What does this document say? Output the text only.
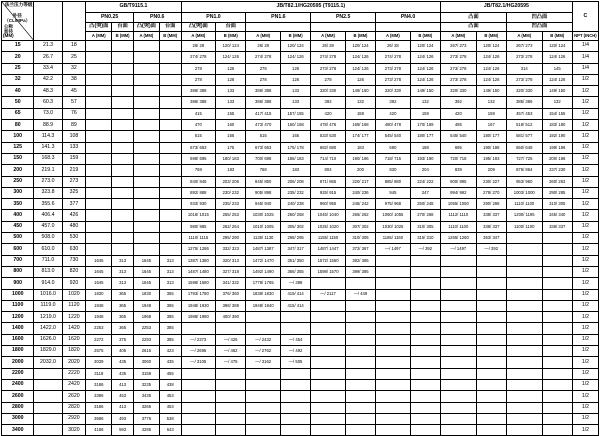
法兰压力等级
外径（CL/MPa）
公称
直径
(MM)			GB/T9115.1				JB/T82.1/HG20595 (T9115.1)								JB/T82.1/HG20595				C
			PN0.25		PN0.6		PN1.0		PN1.6		PN2.5		PN4.0		凸面		凹凸面		
			凸(突)面	台面	凸(突)面	台面	凸(突)面	台面							凸面		凹凸面		
			A (MM)	B (MM)	A (MM)	B (MM)	A (MM)	B (MM)	A (MM)	B (MM)	A (MM)	B (MM)	A (MM)	B (MM)	A (MM)	B (MM)	A (MM)	B (MM)	NPT (INCH)
15	21.3	18					26/ 28	120/ 124	26/ 28	120/ 124	26/ 28	120/ 124	26/ 28	120/ 124	267/ 273	120/ 124	267/ 273	120/ 124	1/4
20	26.7	25					274/ 278	124/ 126	274/ 278	124/ 126	274/ 278	124/ 126	274/ 278	124/ 126	273/ 278	124/ 126	273/ 278	124/ 126	1/4
25	33.4	32					278	126	278	126	273/ 278	124/ 126	273/ 278	124/ 126	273/ 278	124/ 126	314	145	1/4
32	42.2	38					278	126	278	126	278	126	273/ 278	124/ 126	273/ 278	124/ 126	273/ 278	124/ 126	1/2
40	48.3	45					386/ 388	133	386/ 388	133	320/ 330	149/ 150	320/ 330	149/ 150	320/ 330	149/ 150	320/ 330	149/ 150	1/2
50	60.3	57					386/ 388	133	386/ 388	133	392	132	392	132	392	132	385/ 386	132	1/2
65	73.0	76					415	155	417/ 415	157/ 155	420	159	420	159	420	159	457/ 453	154/ 155	1/2
80	88.9	89					470	160	473/ 470	160/ 158	478/ 476	169/ 168	480/ 478	170/ 169	485	167	518/ 512	183/ 180	1/2
100	114.3	108					515	165	515	165	533/ 530	174/ 177	545/ 540	180/ 177	545/ 540	180/ 177	581/ 577	192/ 190	1/2
125	141.3	133					673/ 663	175	673/ 663	175/ 178	682/ 680	183	690	188	695	190/ 188	650/ 648	199/ 196	1/2
150	168.3	159					698/ 695	180/ 183	700/ 698	185/ 183	714/ 710	190/ 186	718/ 715	193/ 190	720/ 718	195/ 193	727/ 725	200/ 198	1/2
200	219.1	219					768	183	768	183	804	200	830	204	839	209	876/ 864	237/ 230	1/2
250	273.0	273					840/ 845	203/ 206	845/ 850	206/ 208	871/ 865	220/ 217	885/ 880	224/ 222	900/ 895	230/ 227	953/ 960	260/ 263	1/2
300	323.8	325					892/ 888	230/ 232	905/ 898	235/ 232	925/ 915	240/ 236	945	247	994/ 992	278/ 270	1003/ 1000	290/ 285	1/2
350	355.6	377					933/ 930	235/ 233	945/ 940	240/ 238	960/ 955	245/ 242	975/ 968	250/ 248	1055/ 1050	290/ 288	1110/ 1100	310/ 305	1/2
400	406.4	426					1018/ 1015	255/ 253	1030/ 1025	260/ 258	1045/ 1040	265/ 262	1060/ 1055	270/ 268	1112/ 1110	338/ 337	1200/ 1195	345/ 340	1/2
450	457.0	480					980/ 985	262/ 264	1010/ 1005	305/ 302	1025/ 1020	307/ 302	1030/ 1025	310/ 305	1110/ 1100	338/ 337	1100/ 1100	338/ 337	1/2
500	508.0	530					1110/ 1115	295/ 290	1135/ 1130	298/ 295	1155/ 1150	310/ 305	1165/ 1160	315/ 310	1265/ 1260	363/ 347			1/2
600	610.0	630					1275/ 1286	332/ 323	1487/ 1387	347/ 317	1487/ 1447	372/ 367	—/ 1497	—/ 392	—/ 1497	—/ 392			1/2
700	711.0	730	1645	313	1645	313	1387/ 1380	320/ 313	1472/ 1470	351/ 350	1572/ 1550	392/ 385							1/2
800	813.0	820	1645	313	1645	313	1487/ 1480	327/ 318	1492/ 1490	366/ 355	1598/ 1570	399/ 385							1/2
900	914.0	920	1645	313	1645	313	1598/ 1580	341/ 332	1778/ 1765	—/ 388									1/2
1000	1016.0	1020	1830	365	1830	365	1793/ 1780	376/ 360	1838/ 1830	419/ 414	—/ 2117	—/ 449							1/2
1100	1119.0	1120	1948	365	1948	365	1948/ 1930	398/ 388	1948/ 1940	415/ 414									1/2
1200	1219.0	1220	1948	365	1968	385	1988/ 1980	400/ 390											1/2
1400	1422.0	1420	2253	365	2253	385													1/2
1600	1626.0	1620	2272	375	2293	385	—/ 2373	—/ 425	—/ 2432	—/ 454									1/2
1800	1829.0	1820	2575	405	2615	423	—/ 2695	—/ 462	—/ 2762	—/ 492									1/2
2000	2032.0	2020	3039	435	3060	435	—/ 3105	—/ 475	—/ 3162	—/ 505									1/2
2200		2220	3118	435	3158	455													1/2
2400		2420	3186	413	3235	438													1/2
2600		2620	3386	453	3435	453													1/2
2800		2820	3186	413	3266	453													1/2
3000		2920	3686	493	3776	538													1/2
3400		3020	4186	593	4286	643													1/2
